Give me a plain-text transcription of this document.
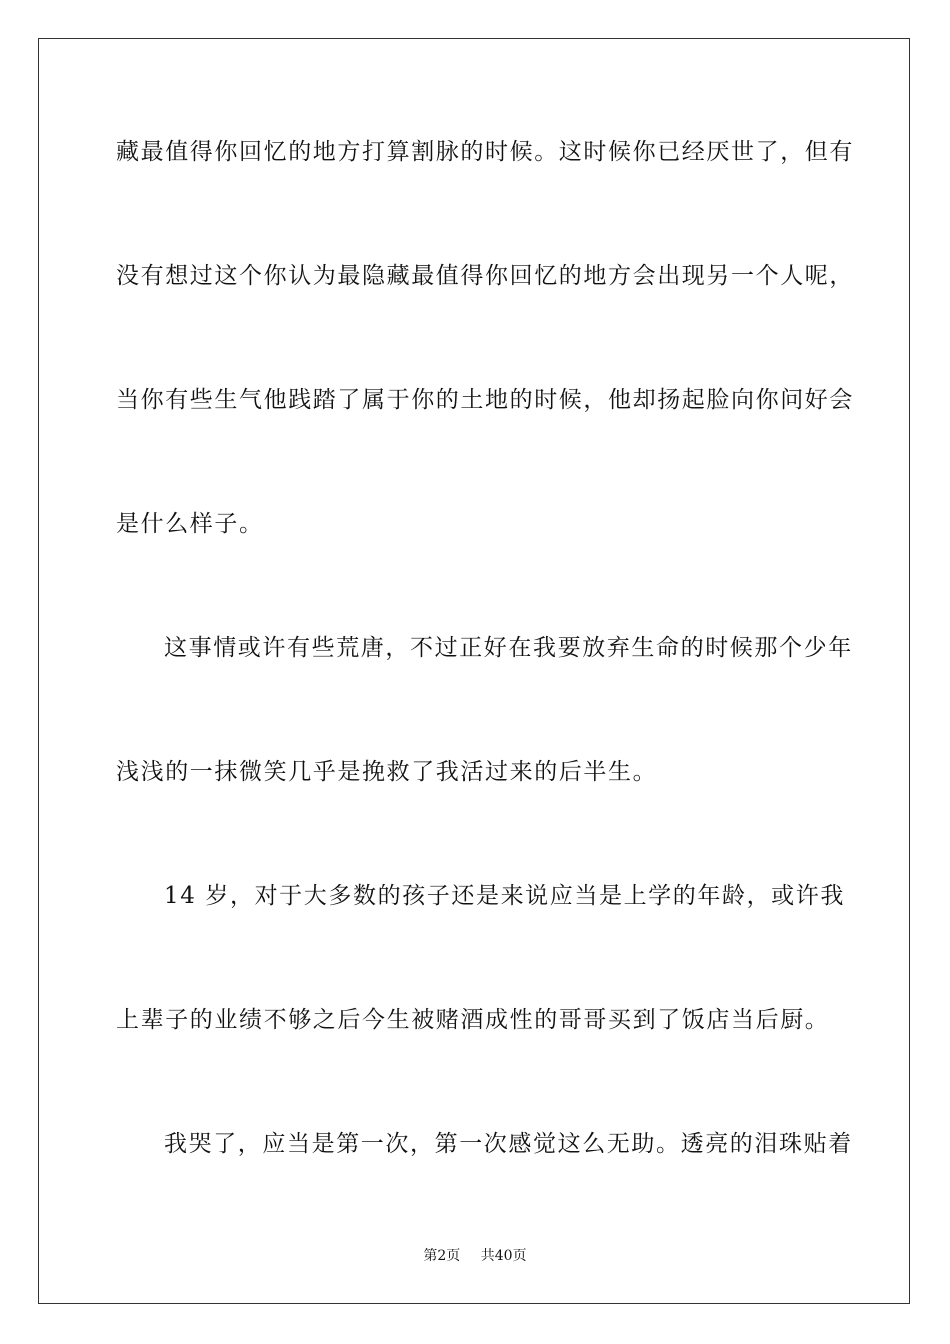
藏最值得你回忆的地方打算割脉的时候。这时候你已经厌世了，但有
没有想过这个你认为最隐藏最值得你回忆的地方会出现另一个人呢，
当你有些生气他践踏了属于你的土地的时候，他却扬起脸向你问好会
是什么样子。
这事情或许有些荒唐，不过正好在我要放弃生命的时候那个少年
浅浅的一抹微笑几乎是挽救了我活过来的后半生。
14 岁，对于大多数的孩子还是来说应当是上学的年龄，或许我
上辈子的业绩不够之后今生被赌酒成性的哥哥买到了饭店当后厨。
我哭了，应当是第一次，第一次感觉这么无助。透亮的泪珠贴着
第2页 共40页
